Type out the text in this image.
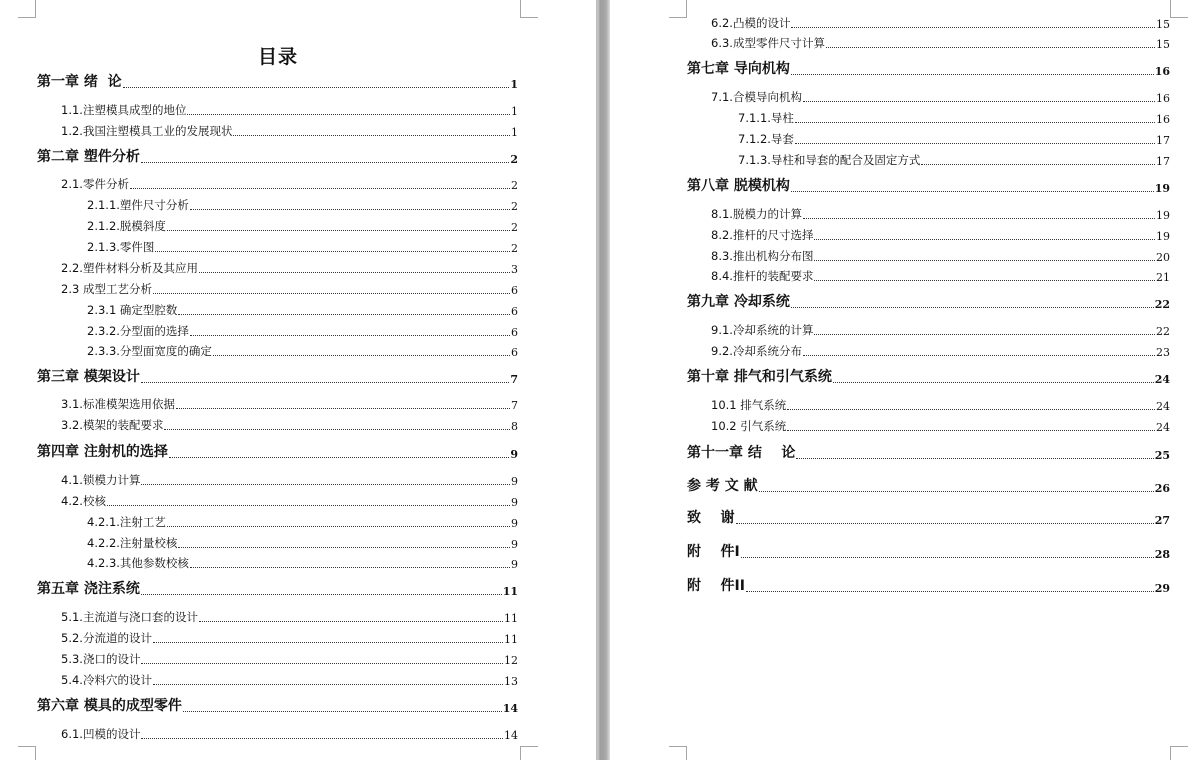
目录
第一章 绪  论	1
1.1.注塑模具成型的地位	1
1.2.我国注塑模具工业的发展现状	1
第二章 塑件分析	2
2.1.零件分析	2
2.1.1.塑件尺寸分析	2
2.1.2.脱模斜度	2
2.1.3.零件图	2
2.2.塑件材料分析及其应用	3
2.3 成型工艺分析	6
2.3.1 确定型腔数	6
2.3.2.分型面的选择	6
2.3.3.分型面宽度的确定	6
第三章 模架设计	7
3.1.标准模架选用依据	7
3.2.模架的装配要求	8
第四章 注射机的选择	9
4.1.锁模力计算	9
4.2.校核	9
4.2.1.注射工艺	9
4.2.2.注射量校核	9
4.2.3.其他参数校核	9
第五章 浇注系统	11
5.1.主流道与浇口套的设计	11
5.2.分流道的设计	11
5.3.浇口的设计	12
5.4.冷料穴的设计	13
第六章 模具的成型零件	14
6.1.凹模的设计	14
6.2.凸模的设计	15
6.3.成型零件尺寸计算	15
第七章 导向机构	16
7.1.合模导向机构	16
7.1.1.导柱	16
7.1.2.导套	17
7.1.3.导柱和导套的配合及固定方式	17
第八章 脱模机构	19
8.1.脱模力的计算	19
8.2.推杆的尺寸选择	19
8.3.推出机构分布图	20
8.4.推杆的装配要求	21
第九章 冷却系统	22
9.1.冷却系统的计算	22
9.2.冷却系统分布	23
第十章 排气和引气系统	24
10.1 排气系统	24
10.2 引气系统	24
第十一章 结    论	25
参 考 文 献	26
致    谢	27
附    件I	28
附    件II	29
